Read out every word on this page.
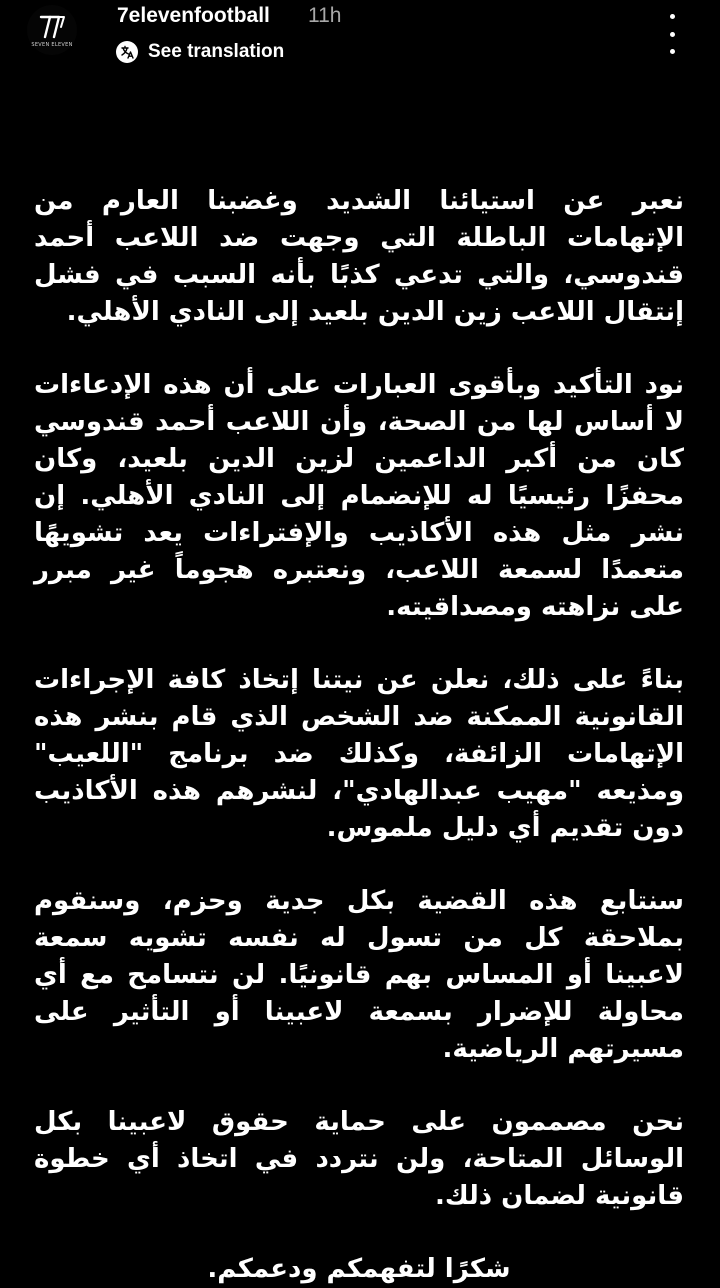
SEVEN ELEVEN
7elevenfootball 11h
See translation

نعبر عن استيائنا الشديد وغضبنا العارم من الإتهامات الباطلة التي وجهت ضد اللاعب أحمد قندوسي، والتي تدعي كذبًا بأنه السبب في فشل إنتقال اللاعب زين الدين بلعيد إلى النادي الأهلي.

نود التأكيد وبأقوى العبارات على أن هذه الإدعاءات لا أساس لها من الصحة، وأن اللاعب أحمد قندوسي كان من أكبر الداعمين لزين الدين بلعيد، وكان محفزًا رئيسيًا له للإنضمام إلى النادي الأهلي. إن نشر مثل هذه الأكاذيب والإفتراءات يعد تشويهًا متعمدًا لسمعة اللاعب، ونعتبره هجوماً غير مبرر على نزاهته ومصداقيته.

بناءً على ذلك، نعلن عن نيتنا إتخاذ كافة الإجراءات القانونية الممكنة ضد الشخص الذي قام بنشر هذه الإتهامات الزائفة، وكذلك ضد برنامج "اللعيب" ومذيعه "مهيب عبدالهادي"، لنشرهم هذه الأكاذيب دون تقديم أي دليل ملموس.

سنتابع هذه القضية بكل جدية وحزم، وسنقوم بملاحقة كل من تسول له نفسه تشويه سمعة لاعبينا أو المساس بهم قانونيًا. لن نتسامح مع أي محاولة للإضرار بسمعة لاعبينا أو التأثير على مسيرتهم الرياضية.

نحن مصممون على حماية حقوق لاعبينا بكل الوسائل المتاحة، ولن نتردد في اتخاذ أي خطوة قانونية لضمان ذلك.

شكرًا لتفهمكم ودعمكم.
